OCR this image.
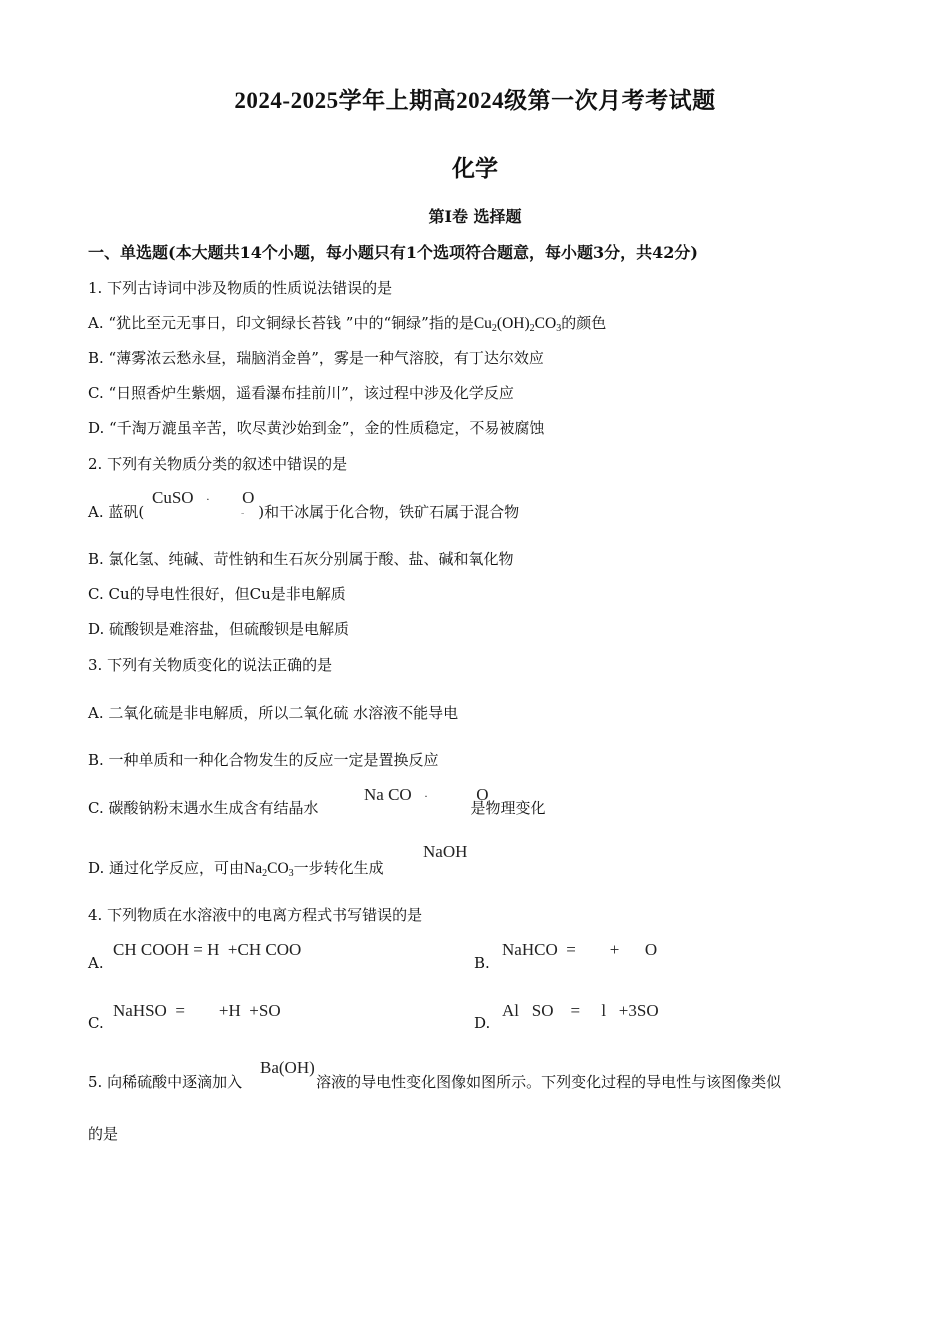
2024-2025学年上期高2024级第一次月考考试题
化学
第I卷 选择题
一、单选题(本大题共14个小题，每小题只有1个选项符合题意，每小题3分，共42分)
1. 下列古诗词中涉及物质的性质说法错误的是
A. “犹比至元无事日，印文铜绿长苔钱 ”中的“铜绿”指的是$Cu_2(OH)_2CO_3$的颜色
B. “薄雾浓云愁永昼，瑞脑消金兽”，雾是一种气溶胶，有丁达尔效应
C. “日照香炉生紫烟，遥看瀑布挂前川”，该过程中涉及化学反应
D. “千淘万漉虽辛苦，吹尽黄沙始到金”，金的性质稳定，不易被腐蚀
2. 下列有关物质分类的叙述中错误的是
A. 蓝矾(	)和干冰属于化合物，铁矿石属于混合物
CuSO · O
-
B. 氯化氢、纯碱、苛性钠和生石灰分别属于酸、盐、碱和氧化物
C. Cu的导电性很好，但Cu是非电解质
D. 硫酸钡是难溶盐，但硫酸钡是电解质
3. 下列有关物质变化的说法正确的是
A. 二氧化硫是非电解质，所以二氧化硫 水溶液不能导电
B. 一种单质和一种化合物发生的反应一定是置换反应
C. 碳酸钠粉末遇水生成含有结晶水	是物理变化
Na CO ·	O
D. 通过化学反应，可由$Na_2CO_3$一步转化生成
NaOH
4. 下列物质在水溶液中的电离方程式书写错误的是
A.
CH COOH = H  +CH COO
B.
NaHCO  =        +      O
C.
NaHSO  =        +H  +SO
D.
Al   SO    =     l   +3SO
5. 向稀硫酸中逐滴加入	溶液的导电性变化图像如图所示。下列变化过程的导电性与该图像类似
Ba(OH)
的是
